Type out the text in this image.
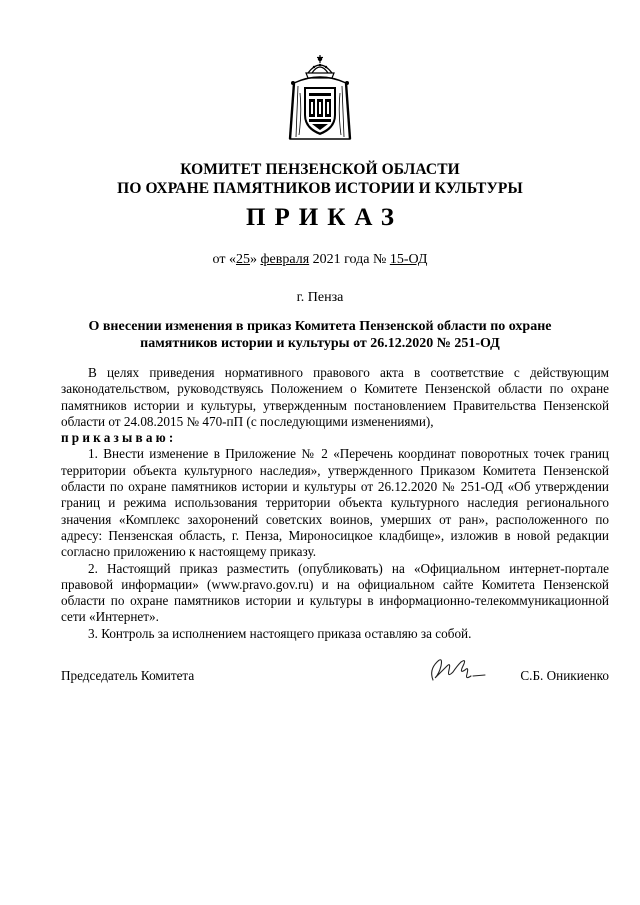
КОМИТЕТ ПЕНЗЕНСКОЙ ОБЛАСТИ
ПО ОХРАНЕ ПАМЯТНИКОВ ИСТОРИИ И КУЛЬТУРЫ
ПРИКАЗ
от «25» февраля 2021 года № 15-ОД
г. Пенза
О внесении изменения в приказ Комитета Пензенской области по охране
памятников истории и культуры от 26.12.2020 № 251-ОД

В целях приведения нормативного правового акта в соответствие с действующим законодательством, руководствуясь Положением о Комитете Пензенской области по охране памятников истории и культуры, утвержденным постановлением Правительства Пензенской области от 24.08.2015 № 470-пП (с последующими изменениями),

приказываю:

1. Внести изменение в Приложение № 2 «Перечень координат поворотных точек границ территории объекта культурного наследия», утвержденного Приказом Комитета Пензенской области по охране памятников истории и культуры от 26.12.2020 № 251-ОД «Об утверждении границ и режима использования территории объекта культурного наследия регионального значения «Комплекс захоронений советских воинов, умерших от ран», расположенного по адресу: Пензенская область, г. Пенза, Мироносицкое кладбище», изложив в новой редакции согласно приложению к настоящему приказу.

2. Настоящий приказ разместить (опубликовать) на «Официальном интернет-портале правовой информации» (www.pravo.gov.ru) и на официальном сайте Комитета Пензенской области по охране памятников истории и культуры в информационно-телекоммуникационной сети «Интернет».

3. Контроль за исполнением настоящего приказа оставляю за собой.

Председатель Комитета	С.Б. Оникиенко
